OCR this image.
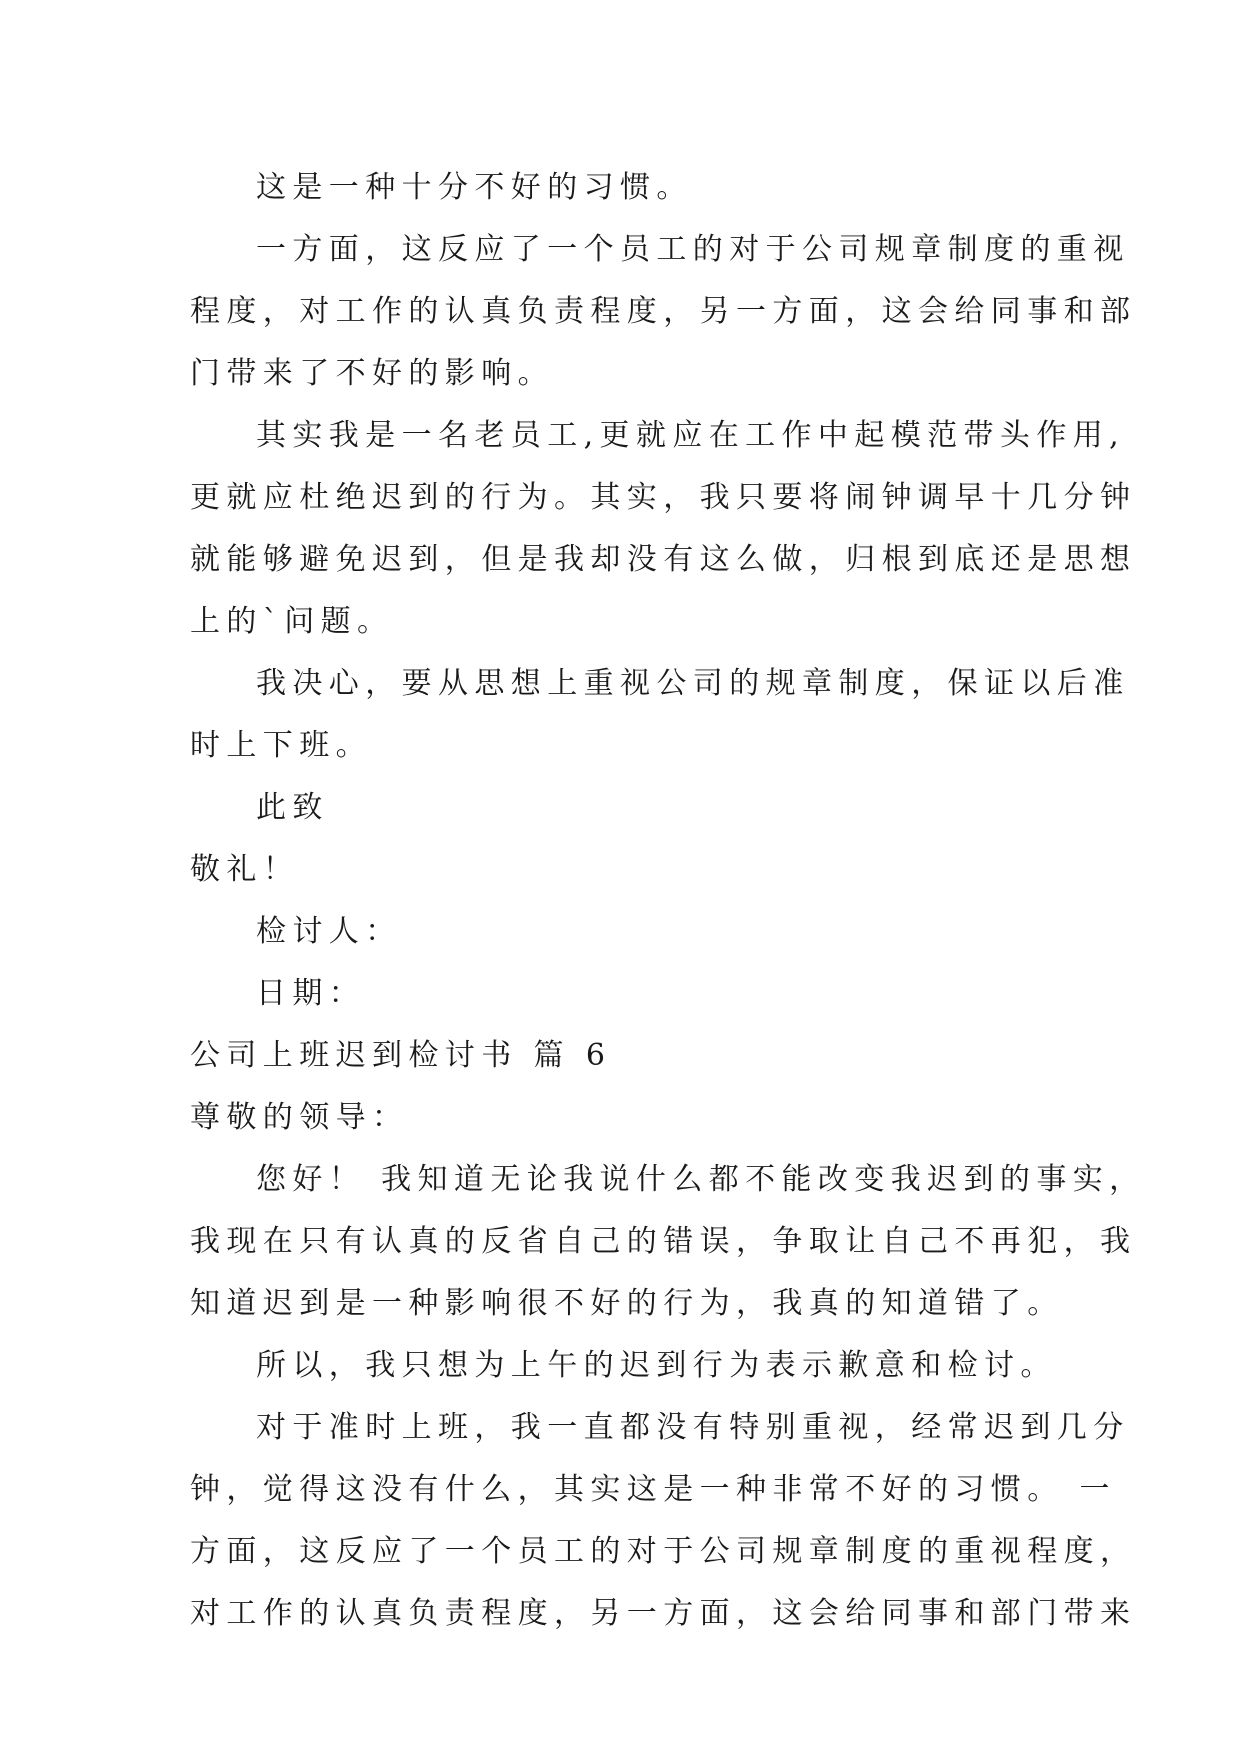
这是一种十分不好的习惯。
一方面，这反应了一个员工的对于公司规章制度的重视
程度，对工作的认真负责程度，另一方面，这会给同事和部
门带来了不好的影响。
其实我是一名老员工,更就应在工作中起模范带头作用,
更就应杜绝迟到的行为。其实，我只要将闹钟调早十几分钟
就能够避免迟到，但是我却没有这么做，归根到底还是思想
上的`问题。
我决心，要从思想上重视公司的规章制度，保证以后准
时上下班。
此致
敬礼！
检讨人：
日期：
公司上班迟到检讨书 篇 6
尊敬的领导：
您好！ 我知道无论我说什么都不能改变我迟到的事实，
我现在只有认真的反省自己的错误，争取让自己不再犯，我
知道迟到是一种影响很不好的行为，我真的知道错了。
所以，我只想为上午的迟到行为表示歉意和检讨。
对于准时上班，我一直都没有特别重视，经常迟到几分
钟，觉得这没有什么，其实这是一种非常不好的习惯。 一
方面，这反应了一个员工的对于公司规章制度的重视程度，
对工作的认真负责程度，另一方面，这会给同事和部门带来
